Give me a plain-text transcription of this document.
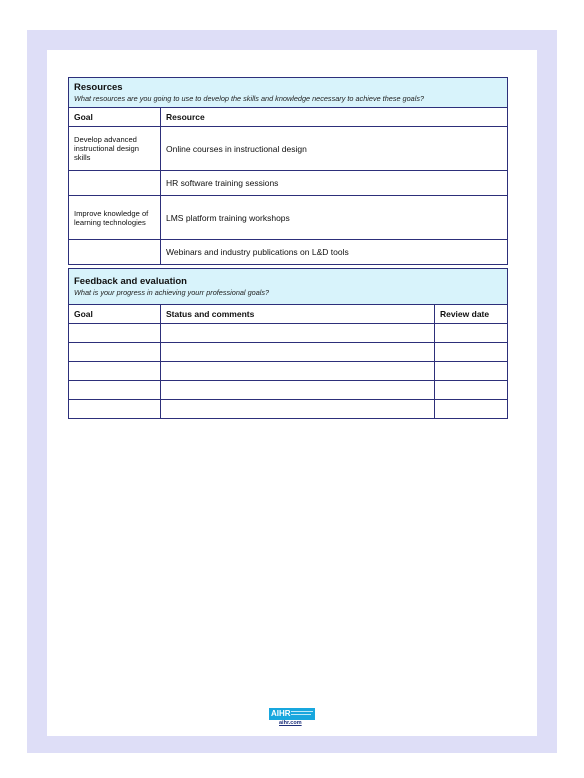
Resources
What resources are you going to use to develop the skills and knowledge necessary to achieve these goals?	

Goal	Resource
Develop advanced instructional design skills	Online courses in instructional design
	HR software training sessions
Improve knowledge of learning technologies	LMS platform training workshops
	Webinars and industry publications on L&D tools
Feedback and evaluation
What is your progress in achieving yourr professional goals?		

Goal	Status and comments	Review date

AIHR
aihr.com
